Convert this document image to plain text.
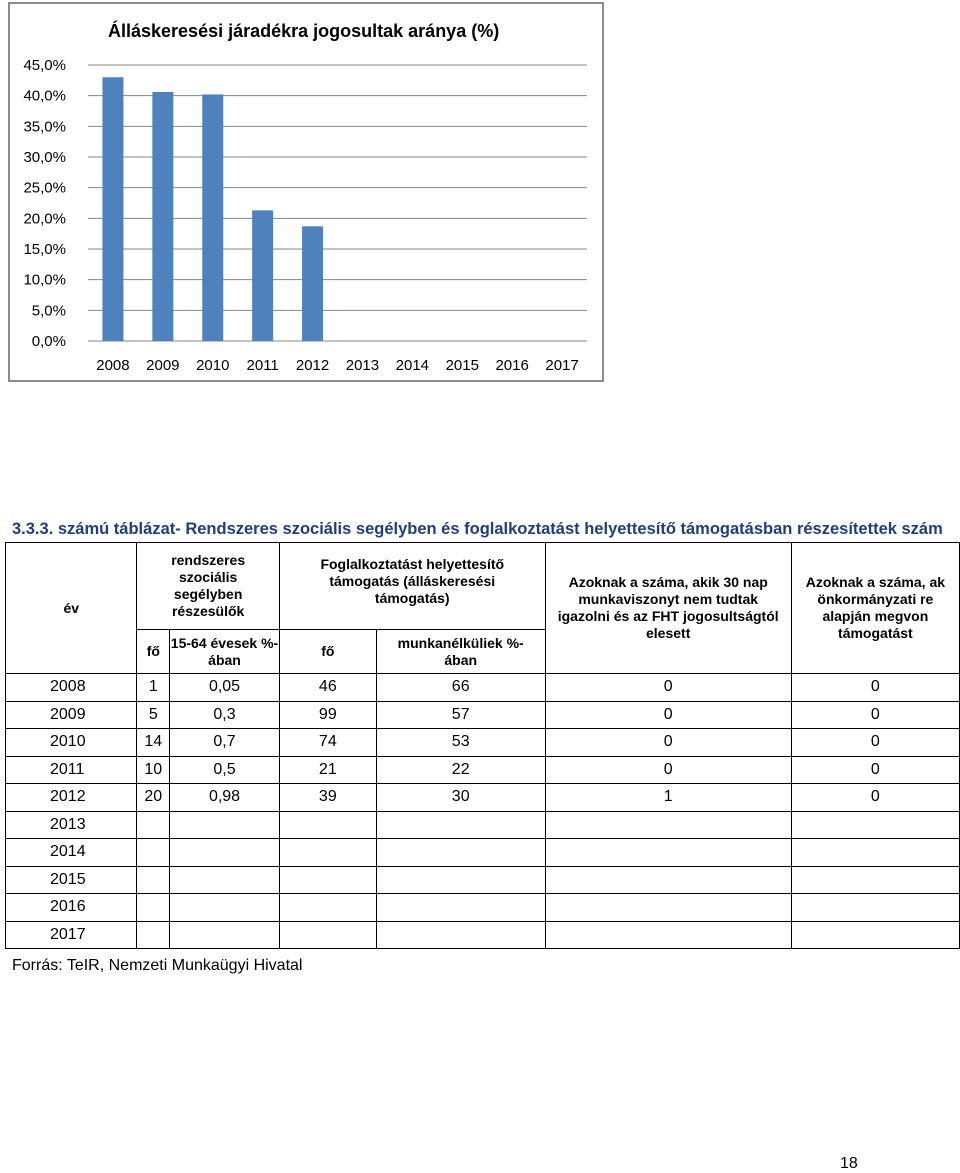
Álláskeresési járadékra jogosultak aránya (%)
0,0%
5,0%
10,0%
15,0%
20,0%
25,0%
30,0%
35,0%
40,0%
45,0%
2008 2009 2010 2011 2012 2013 2014 2015 2016 2017
3.3.3. számú táblázat- Rendszeres szociális segélyben és foglalkoztatást helyettesítő támogatásban részesítettek szám
év	rendszeres szociális segélyben részesülők		Foglalkoztatást helyettesítő támogatás (álláskeresési támogatás)		Azoknak a száma, akik 30 nap munkaviszonyt nem tudtak igazolni és az FHT jogosultságtól elesett	Azoknak a száma, ak önkormányzati re alapján megvon támogatást
	fő	15-64 évesek %-ában	fő	munkanélküliek %-ában		
2008	1	0,05	46	66	0	0
2009	5	0,3	99	57	0	0
2010	14	0,7	74	53	0	0
2011	10	0,5	21	22	0	0
2012	20	0,98	39	30	1	0
2013						
2014						
2015						
2016						
2017						
Forrás: TeIR, Nemzeti Munkaügyi Hivatal
18
